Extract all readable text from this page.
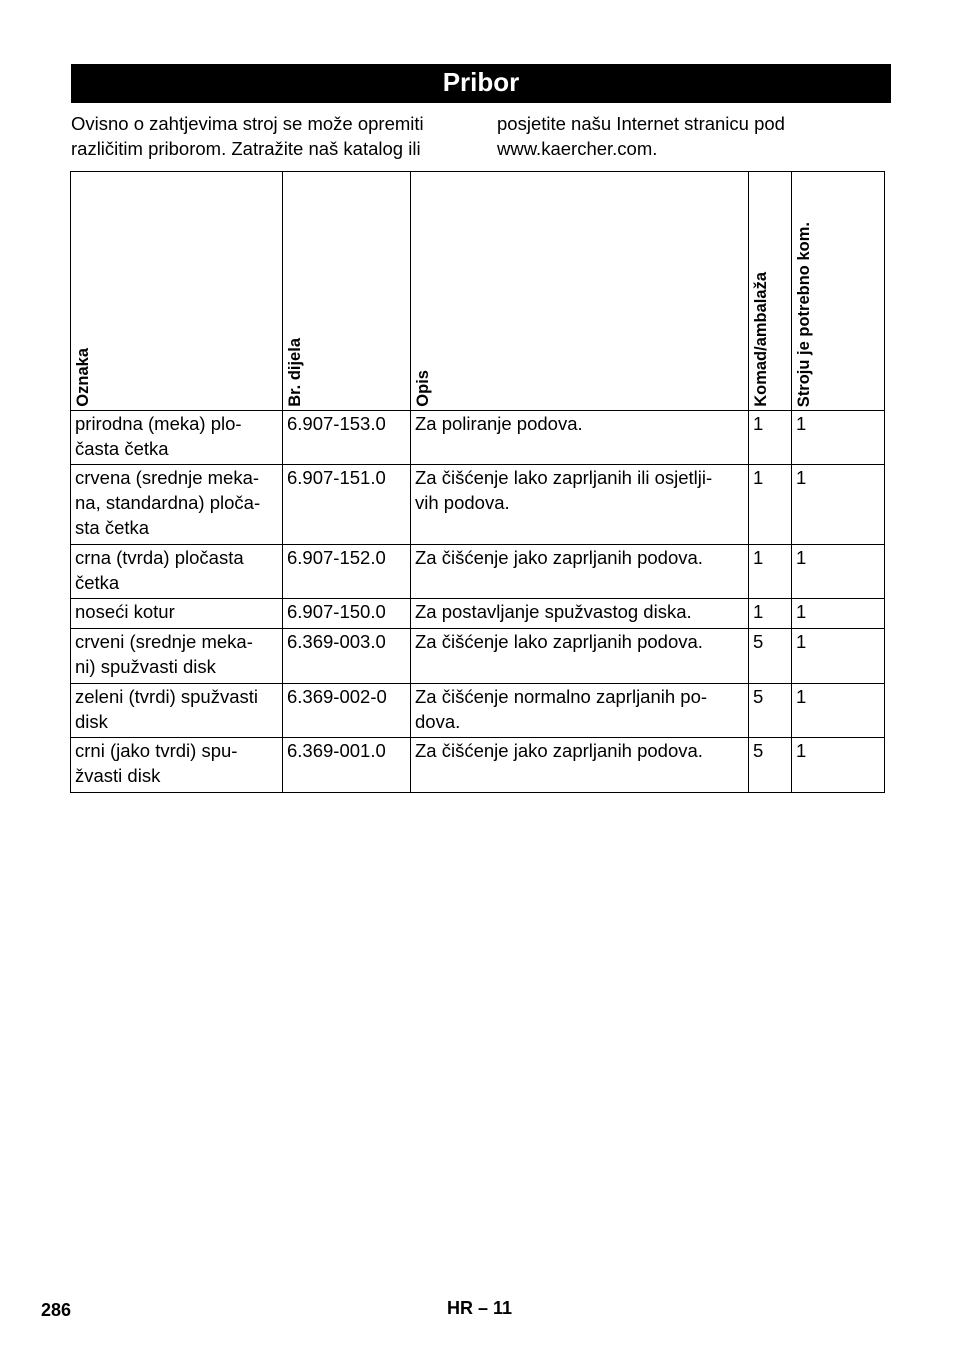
Pribor
Ovisno o zahtjevima stroj se može opremiti različitim priborom. Zatražite naš katalog ili
posjetite našu Internet stranicu pod www.kaercher.com.
Oznaka	Br. dijela	Opis	Komad/ambalaža	Stroju je potrebno kom.

prirodna (meka) plo-
časta četka	6.907-153.0	Za poliranje podova.	1	1

crvena (srednje meka-
na, standardna) ploča-
sta četka	6.907-151.0	Za čišćenje lako zaprljanih ili osjetlji-
vih podova.	1	1

crna (tvrda) pločasta
četka	6.907-152.0	Za čišćenje jako zaprljanih podova.	1	1

noseći kotur	6.907-150.0	Za postavljanje spužvastog diska.	1	1

crveni (srednje meka-
ni) spužvasti disk	6.369-003.0	Za čišćenje lako zaprljanih podova.	5	1

zeleni (tvrdi) spužvasti
disk	6.369-002-0	Za čišćenje normalno zaprljanih po-
dova.	5	1

crni (jako tvrdi) spu-
žvasti disk	6.369-001.0	Za čišćenje jako zaprljanih podova.	5	1
286	HR – 11
